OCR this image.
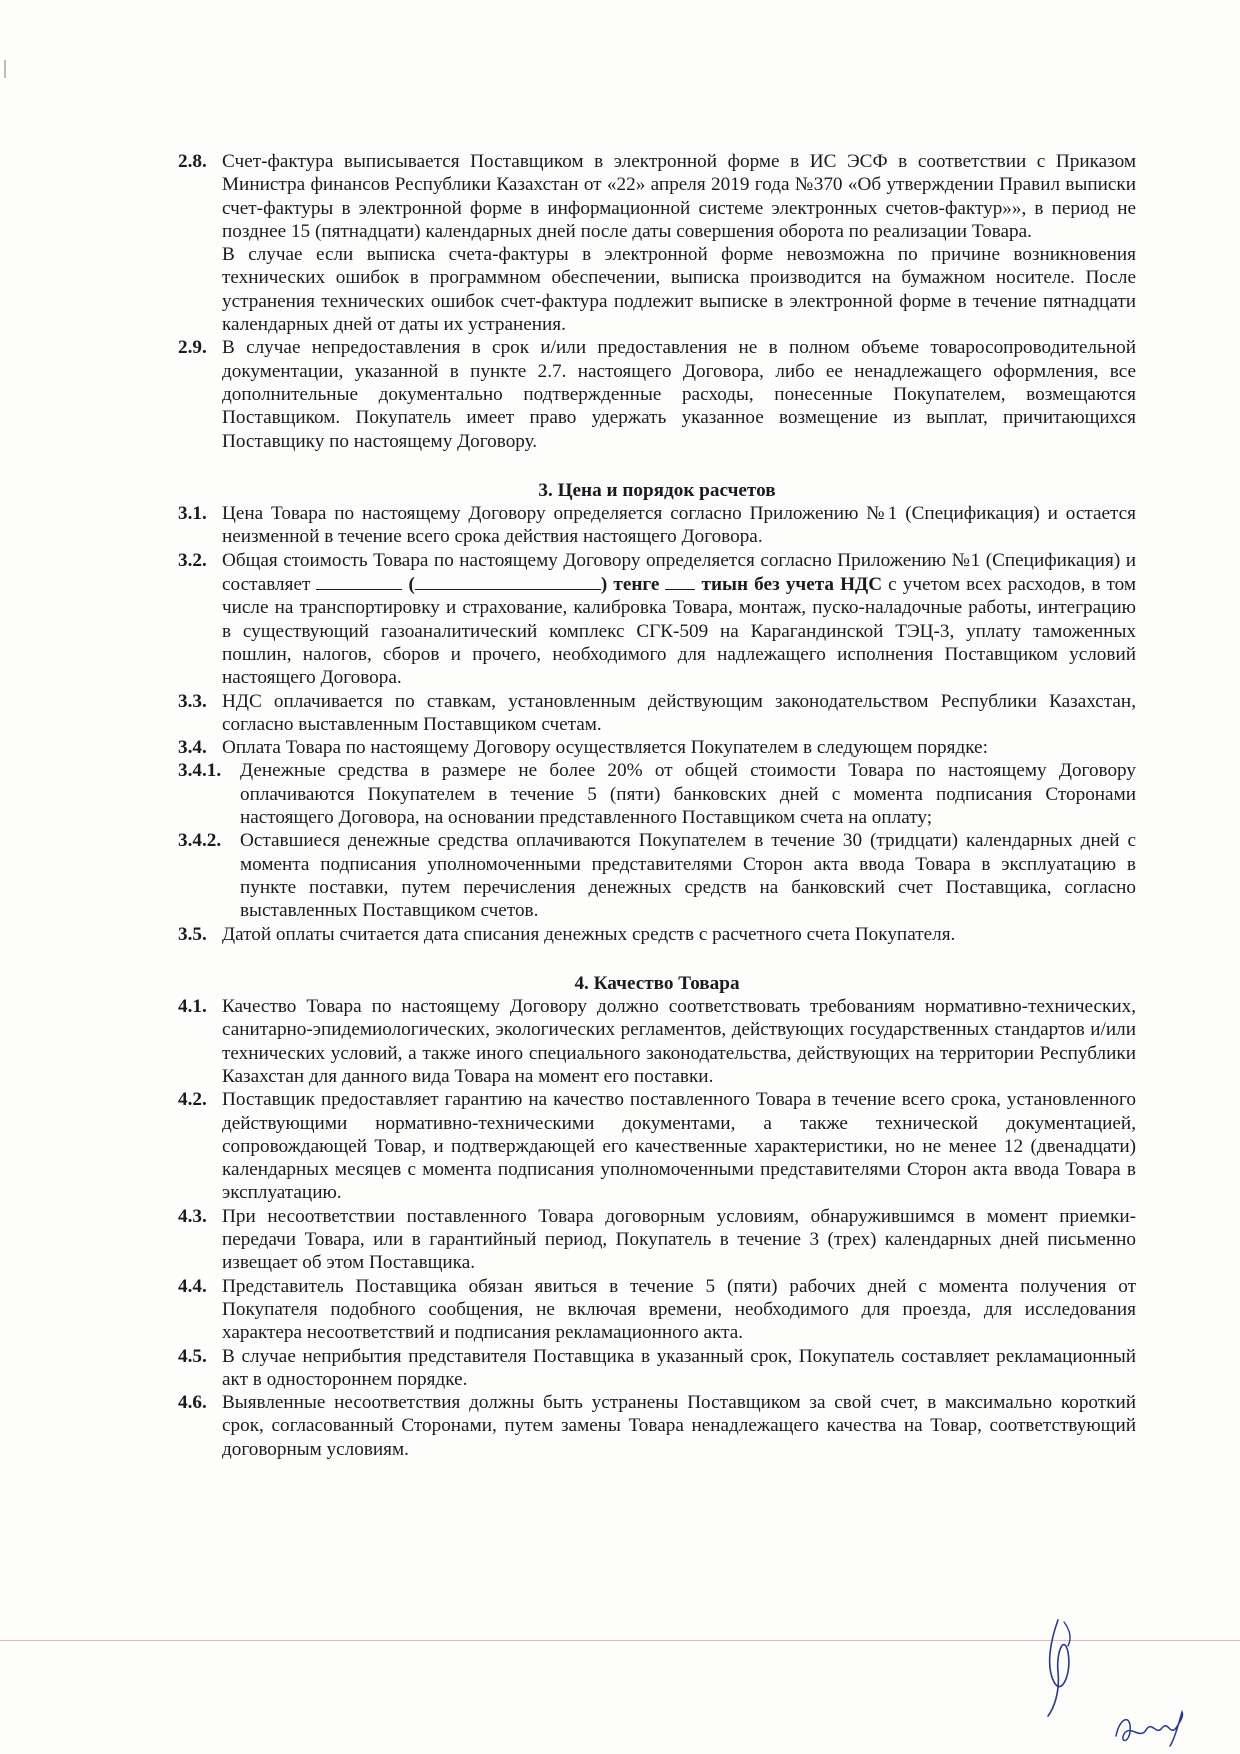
2.8. Счет-фактура выписывается Поставщиком в электронной форме в ИС ЭСФ в соответствии с Приказом Министра финансов Республики Казахстан от «22» апреля 2019 года №370 «Об утверждении Правил выписки счет-фактуры в электронной форме в информационной системе электронных счетов-фактур»», в период не позднее 15 (пятнадцати) календарных дней после даты совершения оборота по реализации Товара.
В случае если выписка счета-фактуры в электронной форме невозможна по причине возникновения технических ошибок в программном обеспечении, выписка производится на бумажном носителе. После устранения технических ошибок счет-фактура подлежит выписке в электронной форме в течение пятнадцати календарных дней от даты их устранения.
2.9. В случае непредоставления в срок и/или предоставления не в полном объеме товаросопроводительной документации, указанной в пункте 2.7. настоящего Договора, либо ее ненадлежащего оформления, все дополнительные документально подтвержденные расходы, понесенные Покупателем, возмещаются Поставщиком. Покупатель имеет право удержать указанное возмещение из выплат, причитающихся Поставщику по настоящему Договору.
3. Цена и порядок расчетов
3.1. Цена Товара по настоящему Договору определяется согласно Приложению №1 (Спецификация) и остается неизменной в течение всего срока действия настоящего Договора.
3.2. Общая стоимость Товара по настоящему Договору определяется согласно Приложению №1 (Спецификация) и составляет	(	) тенге  тиын без учета НДС с учетом всех расходов, в том числе на транспортировку и страхование, калибровка Товара, монтаж, пуско-наладочные работы, интеграцию в существующий газоаналитический комплекс СГК-509 на Карагандинской ТЭЦ-3, уплату таможенных пошлин, налогов, сборов и прочего, необходимого для надлежащего исполнения Поставщиком условий настоящего Договора.
3.3. НДС оплачивается по ставкам, установленным действующим законодательством Республики Казахстан, согласно выставленным Поставщиком счетам.
3.4. Оплата Товара по настоящему Договору осуществляется Покупателем в следующем порядке:
3.4.1. Денежные средства в размере не более 20% от общей стоимости Товара по настоящему Договору оплачиваются Покупателем в течение 5 (пяти) банковских дней с момента подписания Сторонами настоящего Договора, на основании представленного Поставщиком счета на оплату;
3.4.2. Оставшиеся денежные средства оплачиваются Покупателем в течение 30 (тридцати) календарных дней с момента подписания уполномоченными представителями Сторон акта ввода Товара в эксплуатацию в пункте поставки, путем перечисления денежных средств на банковский счет Поставщика, согласно выставленных Поставщиком счетов.
3.5. Датой оплаты считается дата списания денежных средств с расчетного счета Покупателя.
4. Качество Товара
4.1. Качество Товара по настоящему Договору должно соответствовать требованиям нормативно-технических, санитарно-эпидемиологических, экологических регламентов, действующих государственных стандартов и/или технических условий, а также иного специального законодательства, действующих на территории Республики Казахстан для данного вида Товара на момент его поставки.
4.2. Поставщик предоставляет гарантию на качество поставленного Товара в течение всего срока, установленного действующими нормативно-техническими документами, а также технической документацией, сопровождающей Товар, и подтверждающей его качественные характеристики, но не менее 12 (двенадцати) календарных месяцев с момента подписания уполномоченными представителями Сторон акта ввода Товара в эксплуатацию.
4.3. При несоответствии поставленного Товара договорным условиям, обнаружившимся в момент приемки-передачи Товара, или в гарантийный период, Покупатель в течение 3 (трех) календарных дней письменно извещает об этом Поставщика.
4.4. Представитель Поставщика обязан явиться в течение 5 (пяти) рабочих дней с момента получения от Покупателя подобного сообщения, не включая времени, необходимого для проезда, для исследования характера несоответствий и подписания рекламационного акта.
4.5. В случае неприбытия представителя Поставщика в указанный срок, Покупатель составляет рекламационный акт в одностороннем порядке.
4.6. Выявленные несоответствия должны быть устранены Поставщиком за свой счет, в максимально короткий срок, согласованный Сторонами, путем замены Товара ненадлежащего качества на Товар, соответствующий договорным условиям.
